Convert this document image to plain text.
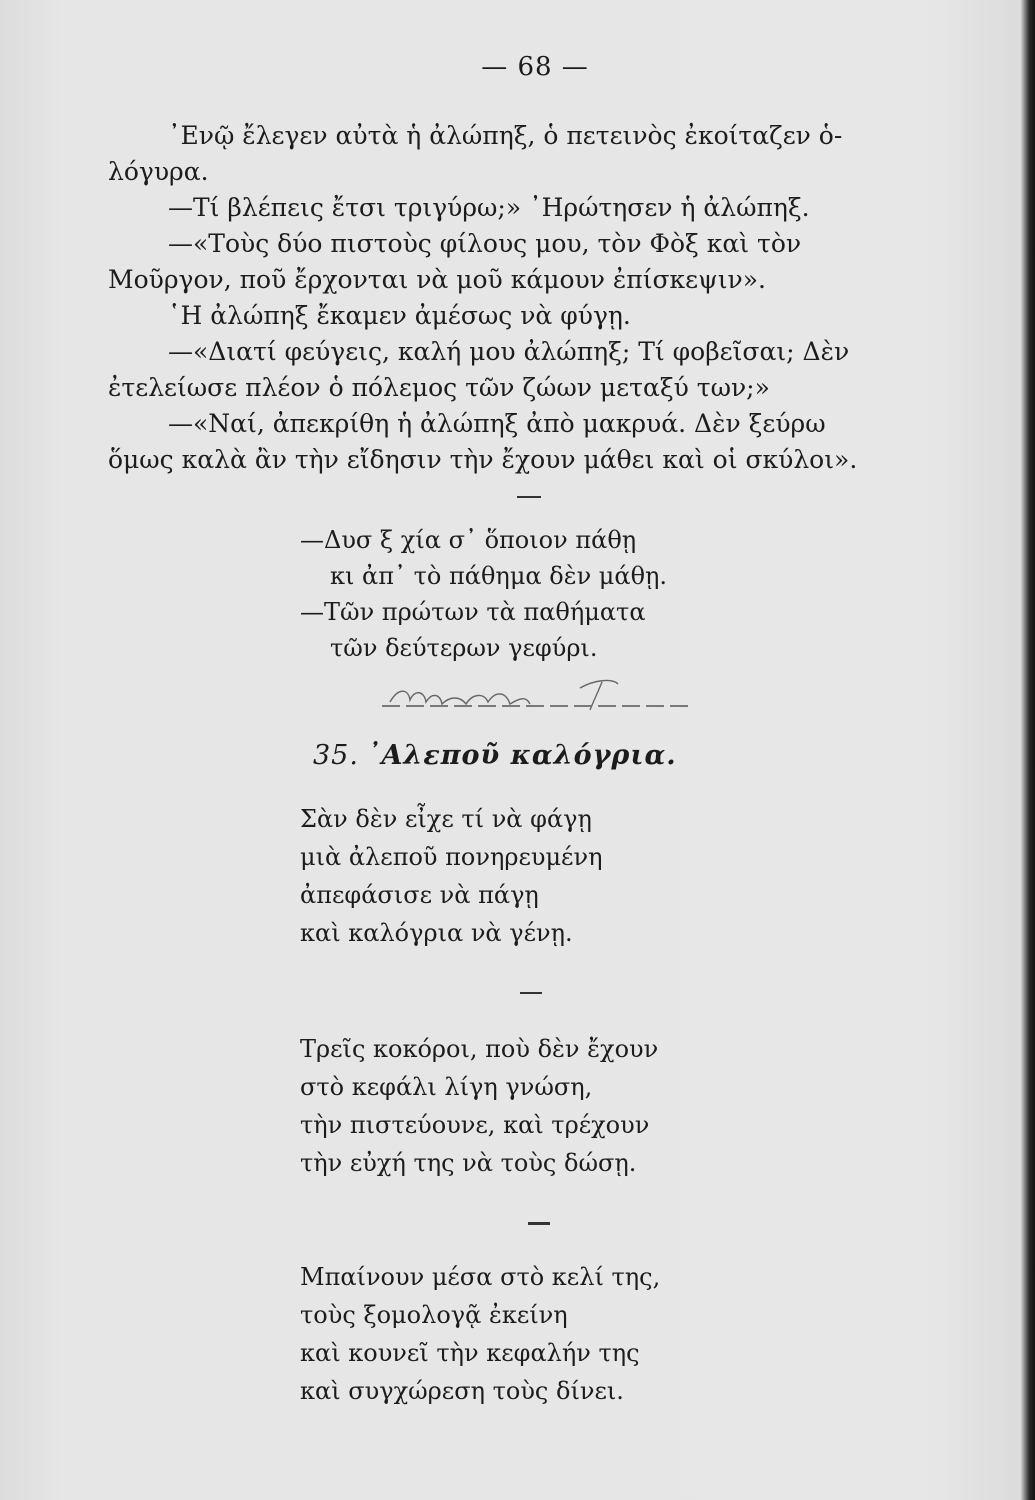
— 68 —

᾽Ενῷ ἔλεγεν αὐτὰ ἡ ἀλώπηξ, ὁ πετεινὸς ἐκοίταζεν ὁ-

λόγυρα.

—Τί βλέπεις ἔτσι τριγύρω;» ᾽Ηρώτησεν ἡ ἀλώπηξ.

—«Τοὺς δύο πιστοὺς φίλους μου, τὸν Φὸξ καὶ τὸν

Μοῦργον, ποῦ ἔρχονται νὰ μοῦ κάμουν ἐπίσκεψιν».

῾Η ἀλώπηξ ἔκαμεν ἀμέσως νὰ φύγῃ.

—«Διατί φεύγεις, καλή μου ἀλώπηξ; Τί φοβεῖσαι; Δὲν

ἐτελείωσε πλέον ὁ πόλεμος τῶν ζώων μεταξύ των;»

—«Ναί, ἀπεκρίθη ἡ ἀλώπηξ ἀπὸ μακρυά. Δὲν ξεύρω

ὅμως καλὰ ἂν τὴν εἴδησιν τὴν ἔχουν μάθει καὶ οἱ σκύλοι».

—Δυσ ξ χία σ᾽ ὅποιον πάθῃ

κι ἀπ᾽ τὸ πάθημα δὲν μάθῃ.

—Τῶν πρώτων τὰ παθήματα

τῶν δεύτερων γεφύρι.

35. ᾽Αλεποῦ καλόγρια.

Σὰν δὲν εἶχε τί νὰ φάγῃ

μιὰ ἀλεποῦ πονηρευμένη

ἀπεφάσισε νὰ πάγῃ

καὶ καλόγρια νὰ γένῃ.

Τρεῖς κοκόροι, ποὺ δὲν ἔχουν

στὸ κεφάλι λίγη γνώση,

τὴν πιστεύουνε, καὶ τρέχουν

τὴν εὐχή της νὰ τοὺς δώσῃ.

Μπαίνουν μέσα στὸ κελί της,

τοὺς ξομολογᾷ ἐκείνη

καὶ κουνεῖ τὴν κεφαλήν της

καὶ συγχώρεση τοὺς δίνει.
